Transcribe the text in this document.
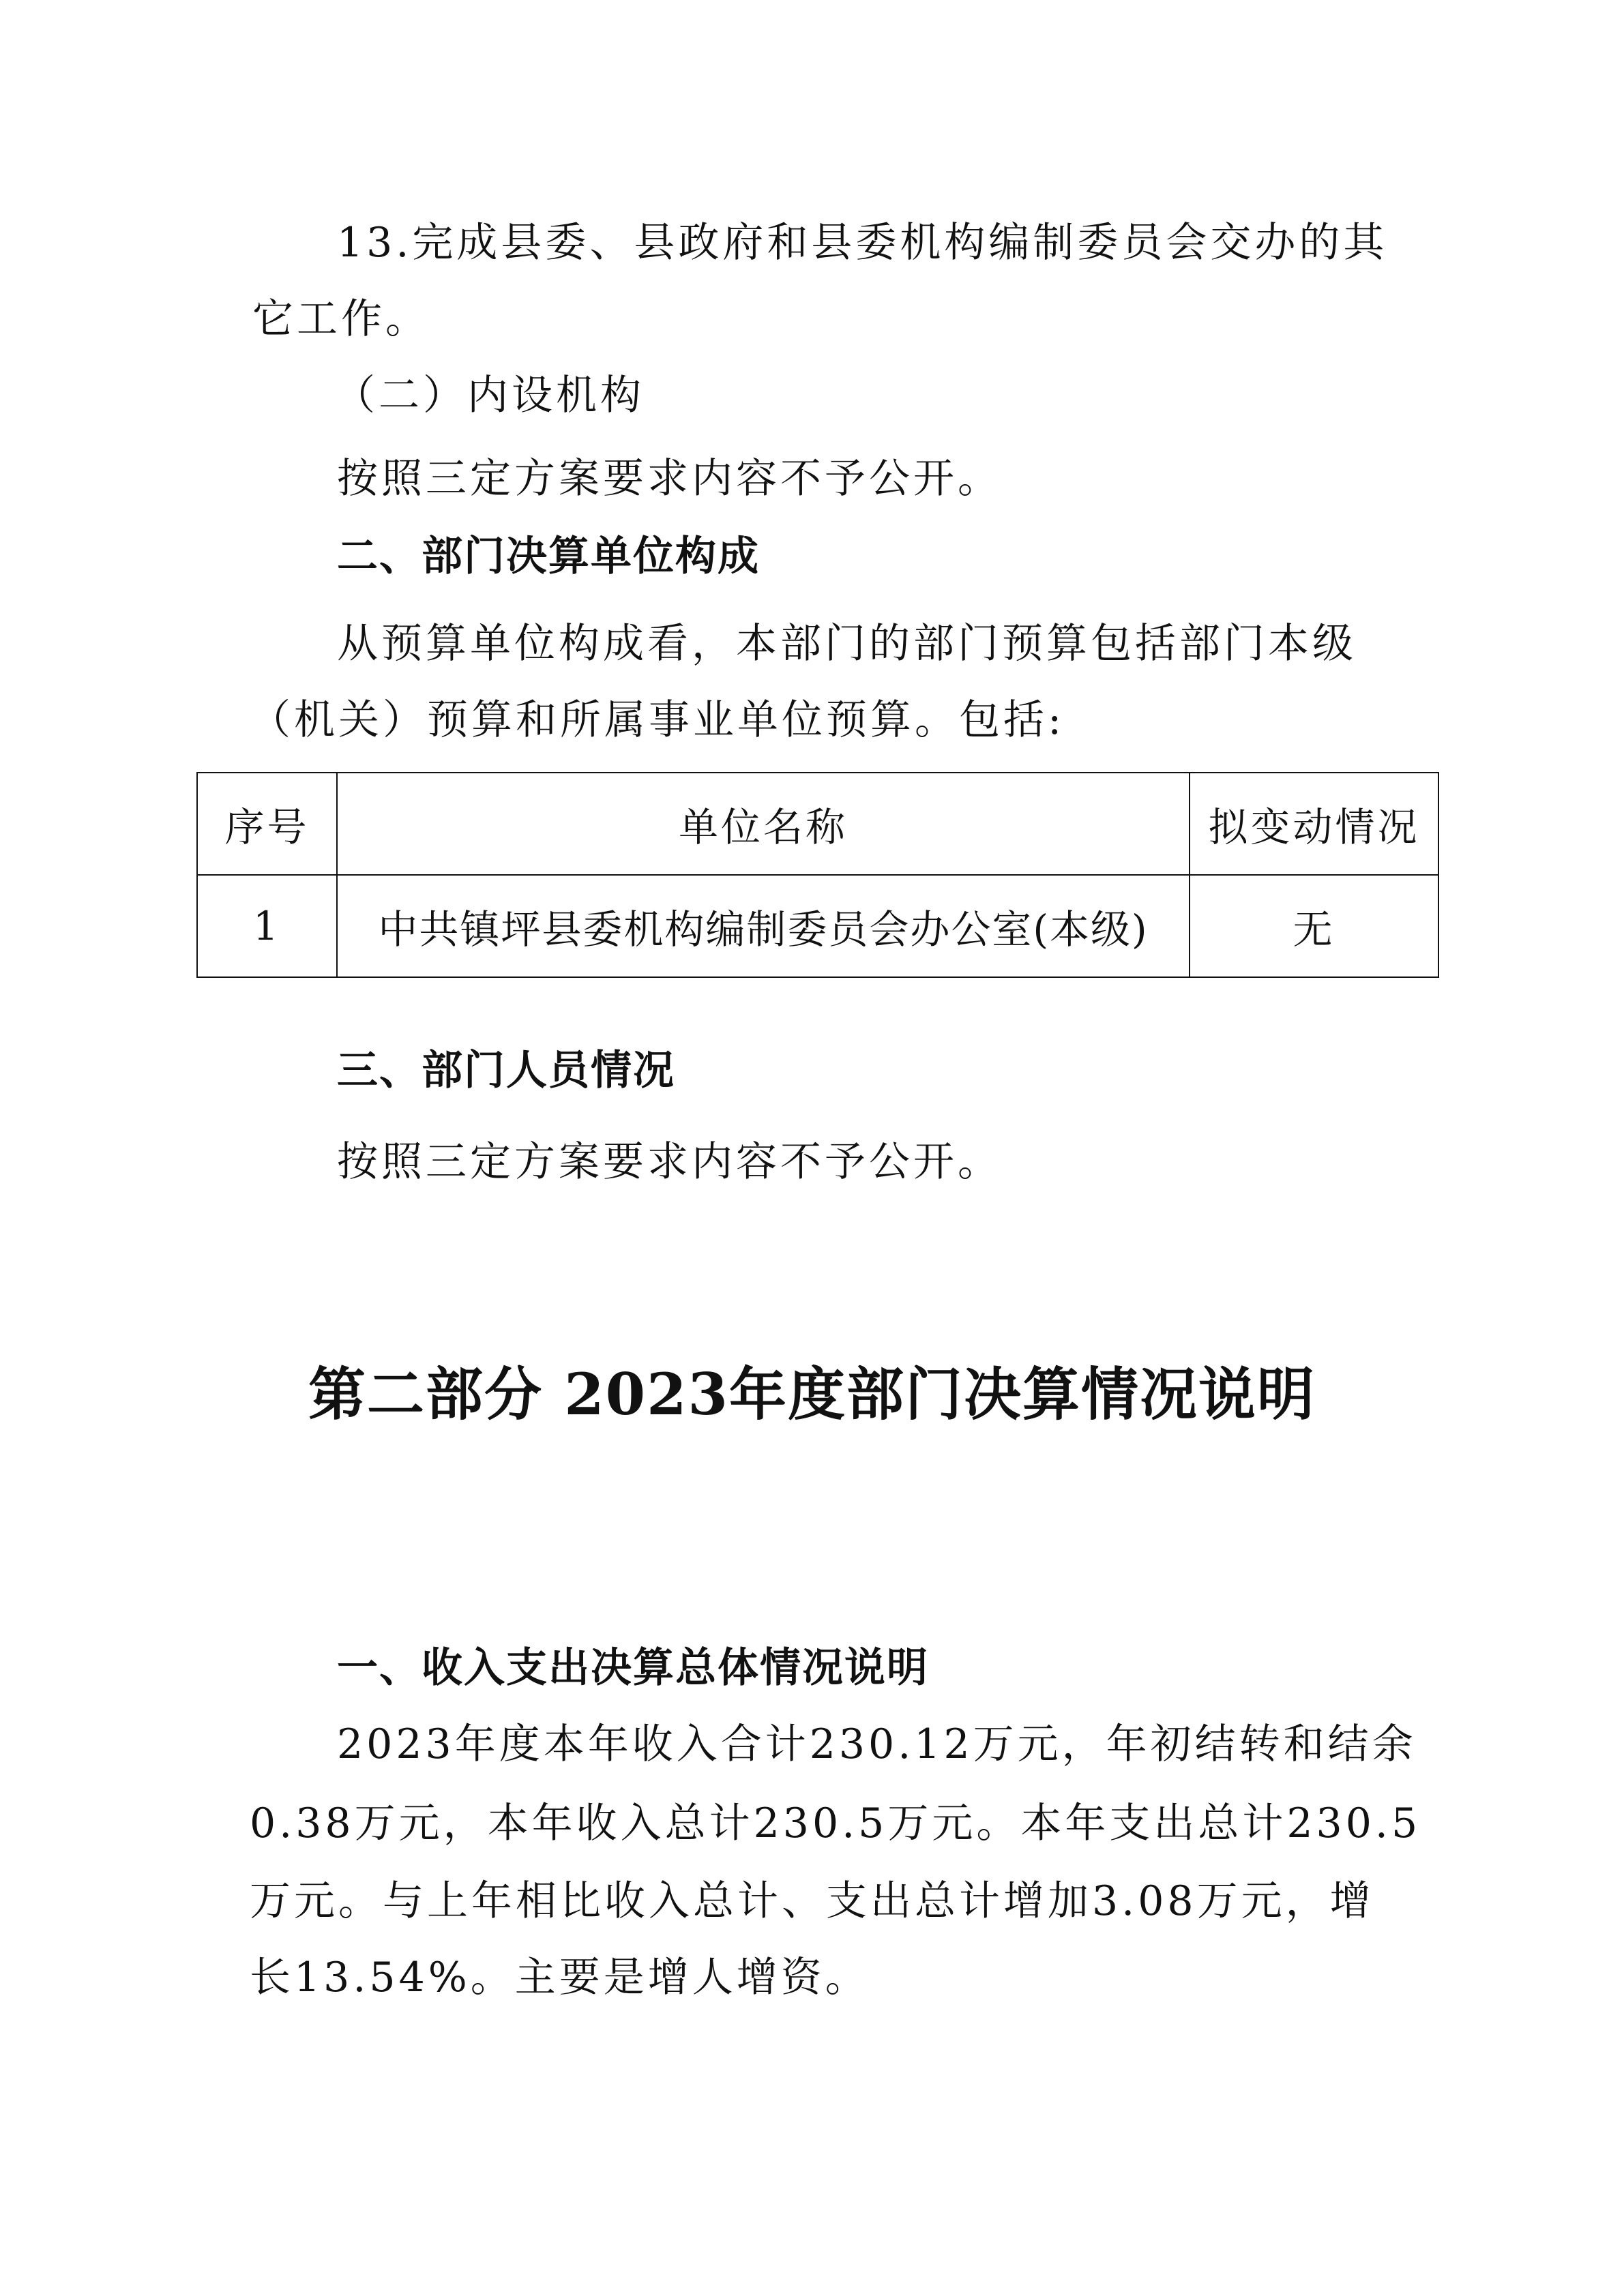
13.完成县委、县政府和县委机构编制委员会交办的其
它工作。
（二）内设机构
按照三定方案要求内容不予公开。
二、部门决算单位构成
从预算单位构成看，本部门的部门预算包括部门本级
（机关）预算和所属事业单位预算。包括:
序号	单位名称	拟变动情况
1	中共镇坪县委机构编制委员会办公室(本级)	无
三、部门人员情况
按照三定方案要求内容不予公开。
第二部分 2023年度部门决算情况说明
一、收入支出决算总体情况说明
2023年度本年收入合计230.12万元，年初结转和结余
0.38万元，本年收入总计230.5万元。本年支出总计230.5
万元。与上年相比收入总计、支出总计增加3.08万元，增
长13.54%。主要是增人增资。
